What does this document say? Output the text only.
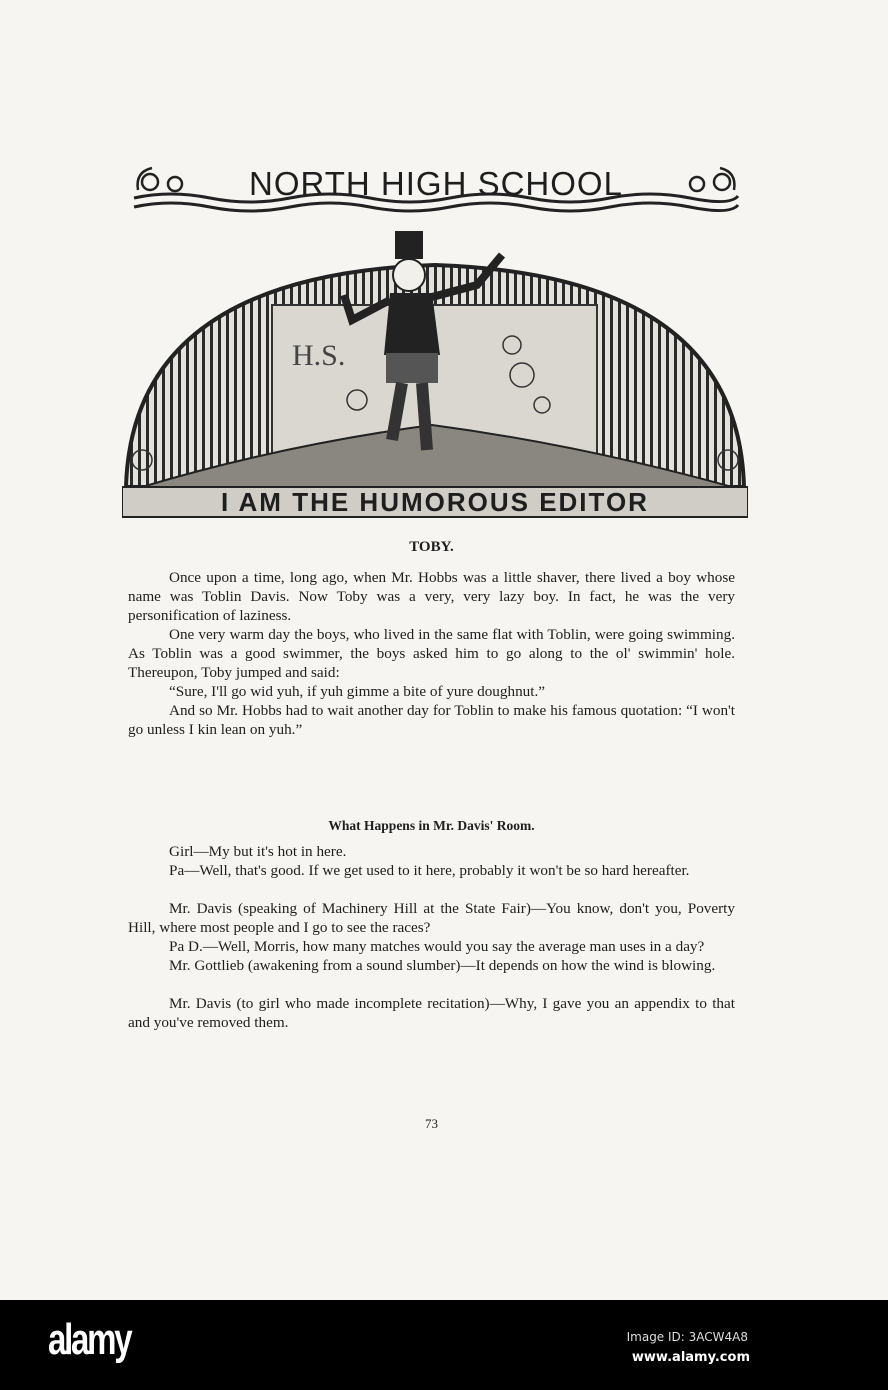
NORTH HIGH SCHOOL
H.S.
I AM THE HUMOROUS EDITOR
TOBY.

Once upon a time, long ago, when Mr. Hobbs was a little shaver, there lived a boy whose name was Toblin Davis. Now Toby was a very, very lazy boy. In fact, he was the very personification of laziness.

One very warm day the boys, who lived in the same flat with Toblin, were going swimming. As Toblin was a good swimmer, the boys asked him to go along to the ol' swimmin' hole. Thereupon, Toby jumped and said:

“Sure, I'll go wid yuh, if yuh gimme a bite of yure doughnut.”

And so Mr. Hobbs had to wait another day for Toblin to make his famous quotation: “I won't go unless I kin lean on yuh.”

What Happens in Mr. Davis' Room.

Girl—My but it's hot in here.

Pa—Well, that's good. If we get used to it here, probably it won't be so hard hereafter.

Mr. Davis (speaking of Machinery Hill at the State Fair)—You know, don't you, Poverty Hill, where most people and I go to see the races?

Pa D.—Well, Morris, how many matches would you say the average man uses in a day?

Mr. Gottlieb (awakening from a sound slumber)—It depends on how the wind is blowing.

Mr. Davis (to girl who made incomplete recitation)—Why, I gave you an appendix to that and you've removed them.

73
alamy	Image ID: 3ACW4A8
www.alamy.com
